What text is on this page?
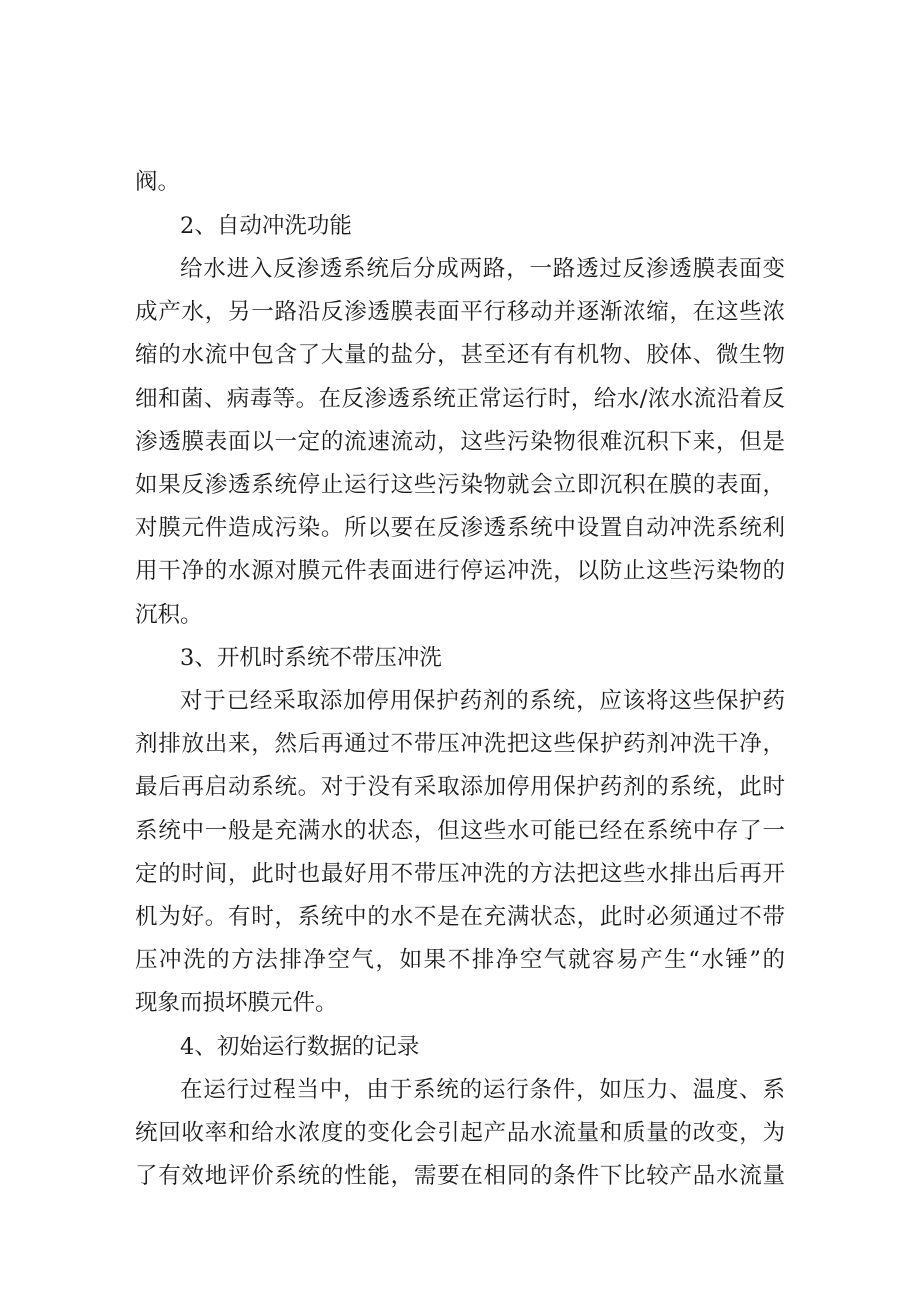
阀。

2、自动冲洗功能

给水进入反渗透系统后分成两路，一路透过反渗透膜表面变

成产水，另一路沿反渗透膜表面平行移动并逐渐浓缩，在这些浓

缩的水流中包含了大量的盐分，甚至还有有机物、胶体、微生物

细和菌、病毒等。在反渗透系统正常运行时，给水/浓水流沿着反

渗透膜表面以一定的流速流动，这些污染物很难沉积下来，但是

如果反渗透系统停止运行这些污染物就会立即沉积在膜的表面，

对膜元件造成污染。所以要在反渗透系统中设置自动冲洗系统利

用干净的水源对膜元件表面进行停运冲洗，以防止这些污染物的

沉积。

3、开机时系统不带压冲洗

对于已经采取添加停用保护药剂的系统，应该将这些保护药

剂排放出来，然后再通过不带压冲洗把这些保护药剂冲洗干净，

最后再启动系统。对于没有采取添加停用保护药剂的系统，此时

系统中一般是充满水的状态，但这些水可能已经在系统中存了一

定的时间，此时也最好用不带压冲洗的方法把这些水排出后再开

机为好。有时，系统中的水不是在充满状态，此时必须通过不带

压冲洗的方法排净空气，如果不排净空气就容易产生“水锤”的

现象而损坏膜元件。

4、初始运行数据的记录

在运行过程当中，由于系统的运行条件，如压力、温度、系

统回收率和给水浓度的变化会引起产品水流量和质量的改变，为

了有效地评价系统的性能，需要在相同的条件下比较产品水流量
